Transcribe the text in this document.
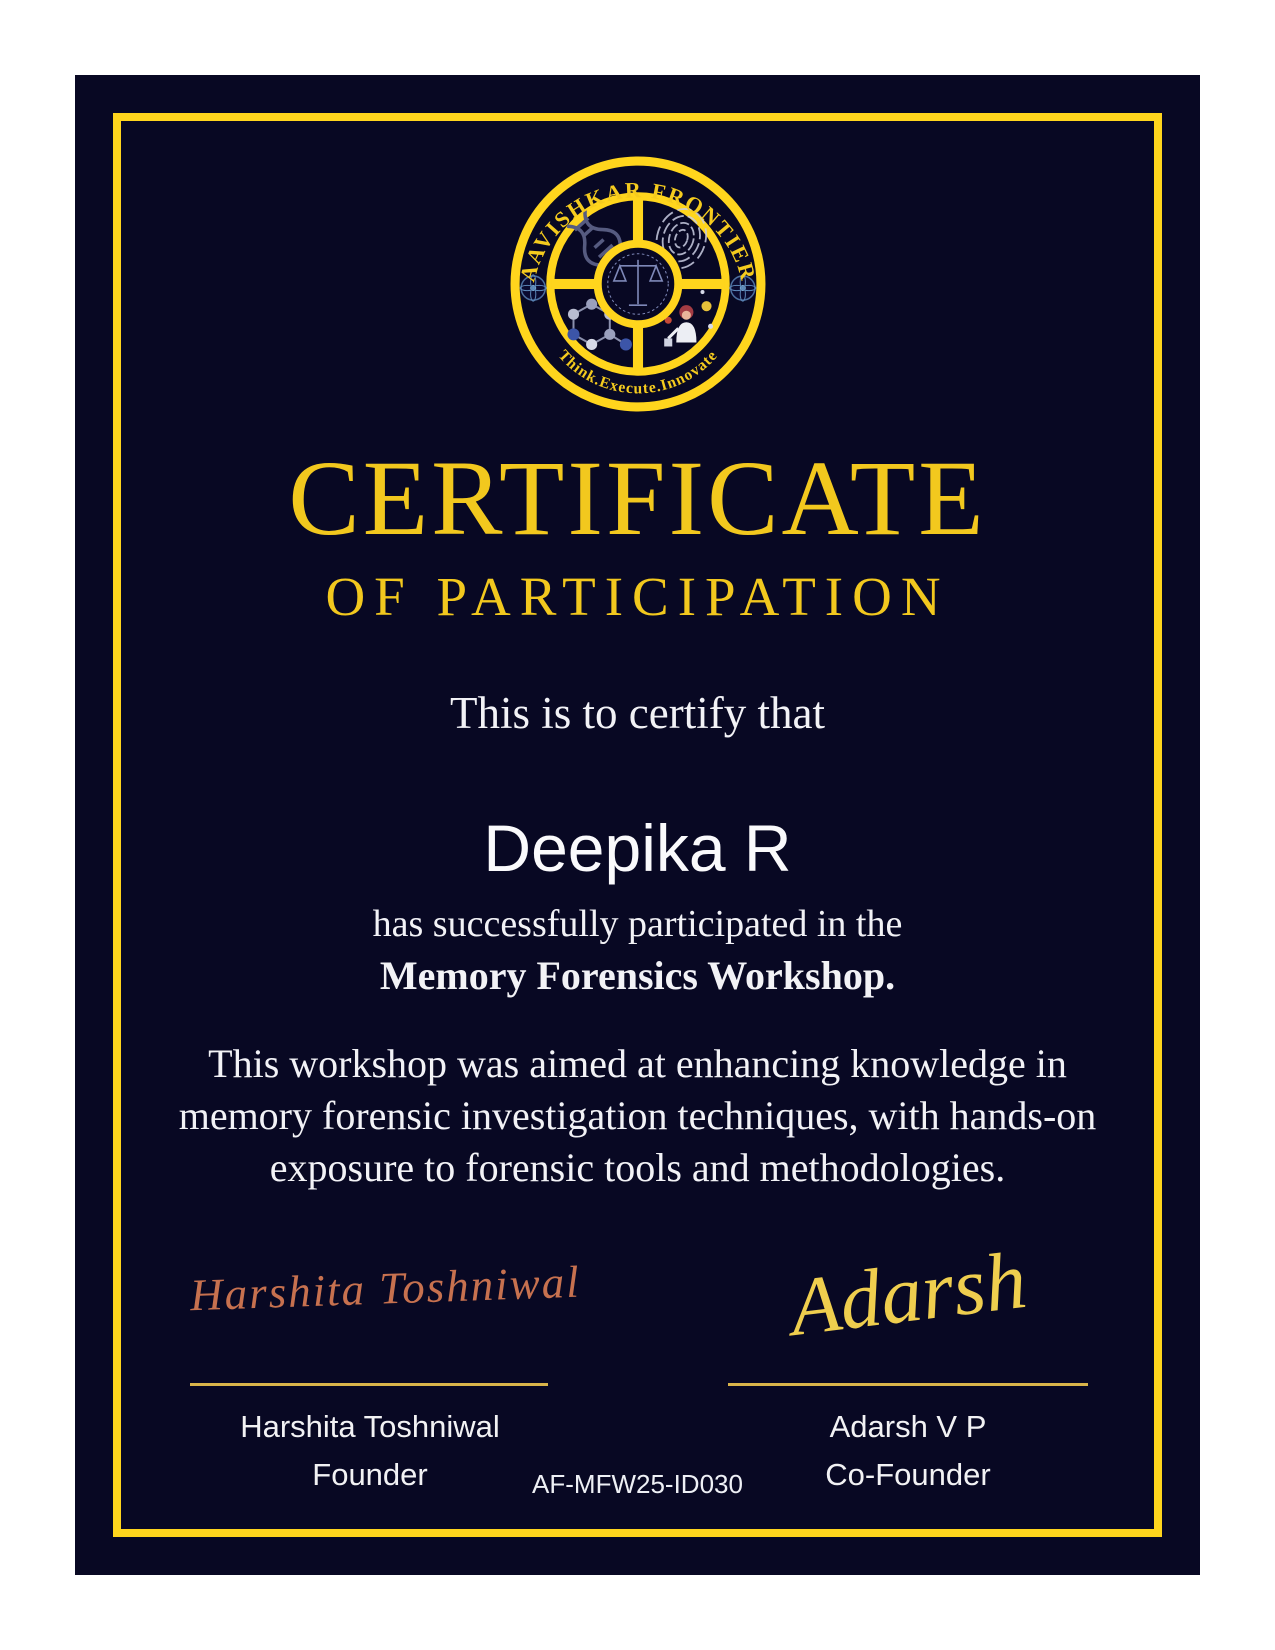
AAVISHKAR FRONTIER
Think.Execute.Innovate
CERTIFICATE
OF PARTICIPATION
This is to certify that
Deepika R
has successfully participated in the
Memory Forensics Workshop.
This workshop was aimed at enhancing knowledge in
memory forensic investigation techniques, with hands-on
exposure to forensic tools and methodologies.
Harshita Toshniwal
Harshita Toshniwal
Founder
Adarsh
Adarsh V P
Co-Founder
AF-MFW25-ID030
